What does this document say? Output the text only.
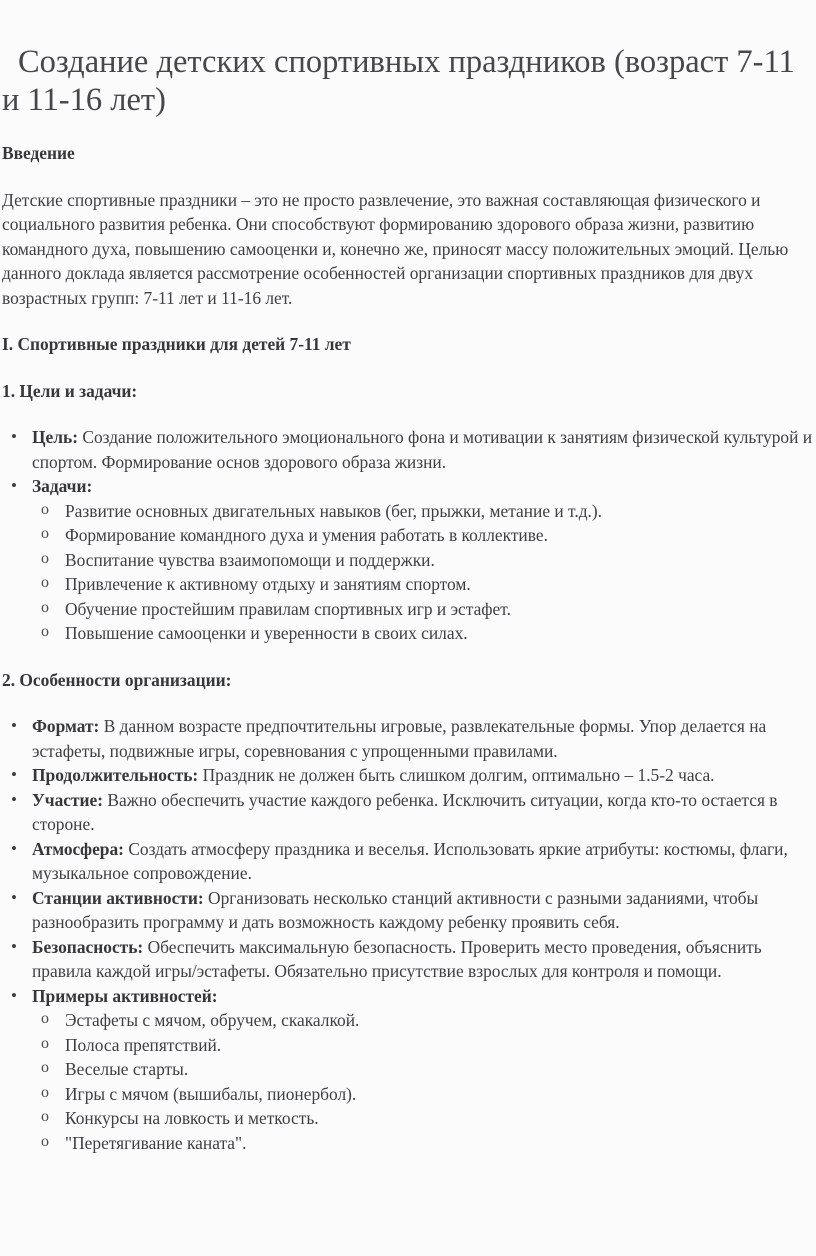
Создание детских спортивных праздников (возраст 7-11 и 11-16 лет)
Введение

Детские спортивные праздники – это не просто развлечение, это важная составляющая физического и социального развития ребенка. Они способствуют формированию здорового образа жизни, развитию командного духа, повышению самооценки и, конечно же, приносят массу положительных эмоций. Целью данного доклада является рассмотрение особенностей организации спортивных праздников для двух возрастных групп: 7-11 лет и 11-16 лет.

I. Спортивные праздники для детей 7-11 лет
1. Цели и задачи:
• Цель: Создание положительного эмоционального фона и мотивации к занятиям физической культурой и спортом. Формирование основ здорового образа жизни.
• Задачи:
o Развитие основных двигательных навыков (бег, прыжки, метание и т.д.).
o Формирование командного духа и умения работать в коллективе.
o Воспитание чувства взаимопомощи и поддержки.
o Привлечение к активному отдыху и занятиям спортом.
o Обучение простейшим правилам спортивных игр и эстафет.
o Повышение самооценки и уверенности в своих силах.
2. Особенности организации:
• Формат: В данном возрасте предпочтительны игровые, развлекательные формы. Упор делается на эстафеты, подвижные игры, соревнования с упрощенными правилами.
• Продолжительность: Праздник не должен быть слишком долгим, оптимально – 1.5-2 часа.
• Участие: Важно обеспечить участие каждого ребенка. Исключить ситуации, когда кто-то остается в стороне.
• Атмосфера: Создать атмосферу праздника и веселья. Использовать яркие атрибуты: костюмы, флаги, музыкальное сопровождение.
• Станции активности: Организовать несколько станций активности с разными заданиями, чтобы разнообразить программу и дать возможность каждому ребенку проявить себя.
• Безопасность: Обеспечить максимальную безопасность. Проверить место проведения, объяснить правила каждой игры/эстафеты. Обязательно присутствие взрослых для контроля и помощи.
• Примеры активностей:
o Эстафеты с мячом, обручем, скакалкой.
o Полоса препятствий.
o Веселые старты.
o Игры с мячом (вышибалы, пионербол).
o Конкурсы на ловкость и меткость.
o "Перетягивание каната".
